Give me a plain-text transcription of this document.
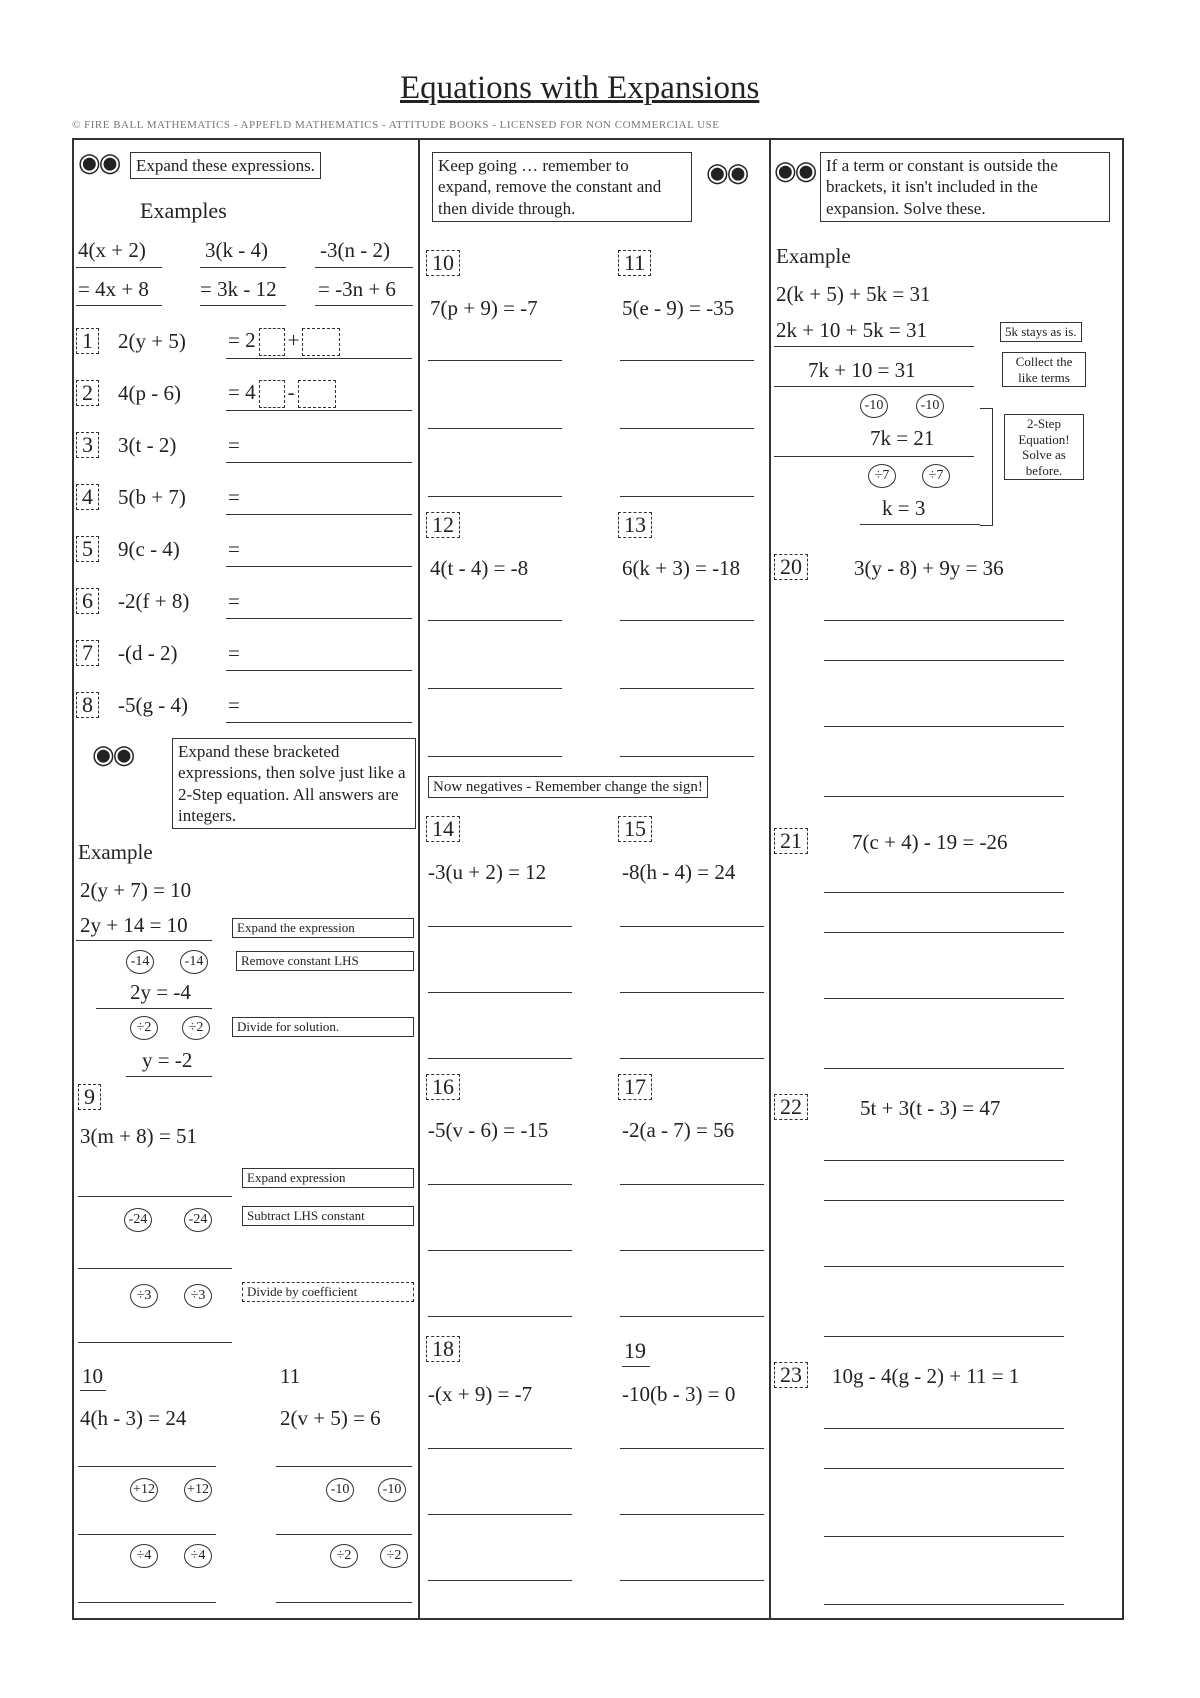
Equations with Expansions
© FIRE BALL MATHEMATICS - APPEFLD MATHEMATICS - ATTITUDE BOOKS - LICENSED FOR NON COMMERCIAL USE
◉◉ Expand these expressions.
Examples
4(x + 2)	3(k - 4) -3(n - 2)
= 4x + 8 = 3k - 12 = -3n + 6
1 2(y + 5) = 2 +
2 4(p - 6) = 4 -
3 3(t - 2) =
4 5(b + 7) =
5 9(c - 4) =
6 -2(f + 8) =
7 -(d - 2) =
8 -5(g - 4) =
◉◉	Expand these bracketed expressions, then solve just like a 2-Step equation. All answers are integers.
Example
2(y + 7) = 10
2y + 14 = 10	Expand the expression
-14	-14	Remove constant LHS
2y = -4
÷2	÷2	Divide for solution.
y = -2
9
3(m + 8) = 51
Expand expression
-24	-24	Subtract LHS constant
÷3	÷3	Divide by coefficient
10
4(h - 3) = 24
+12 +12
÷4	÷4
11
2(v + 5) = 6
-10	-10
÷2	÷2
Keep going … remember to expand, remove the constant and then divide through.
◉◉
10
7(p + 9) = -7
11
5(e - 9) = -35
12
4(t - 4) = -8
13
6(k + 3) = -18
Now negatives - Remember change the sign!
14
-3(u + 2) = 12
15
-8(h - 4) = 24
16
-5(v - 6) = -15
17
-2(a - 7) = 56
18
-(x + 9) = -7
19
-10(b - 3) = 0
◉◉ If a term or constant is outside the brackets, it isn't included in the expansion. Solve these.
Example
2(k + 5) + 5k = 31
2k + 10 + 5k = 31	5k stays as is.
7k + 10 = 31	Collect the like terms
-10	-10
7k = 21
÷7	÷7
k = 3
2-Step Equation! Solve as before.
20 3(y - 8) + 9y = 36
21 7(c + 4) - 19 = -26
22	5t + 3(t - 3) = 47
23 10g - 4(g - 2) + 11 = 1
